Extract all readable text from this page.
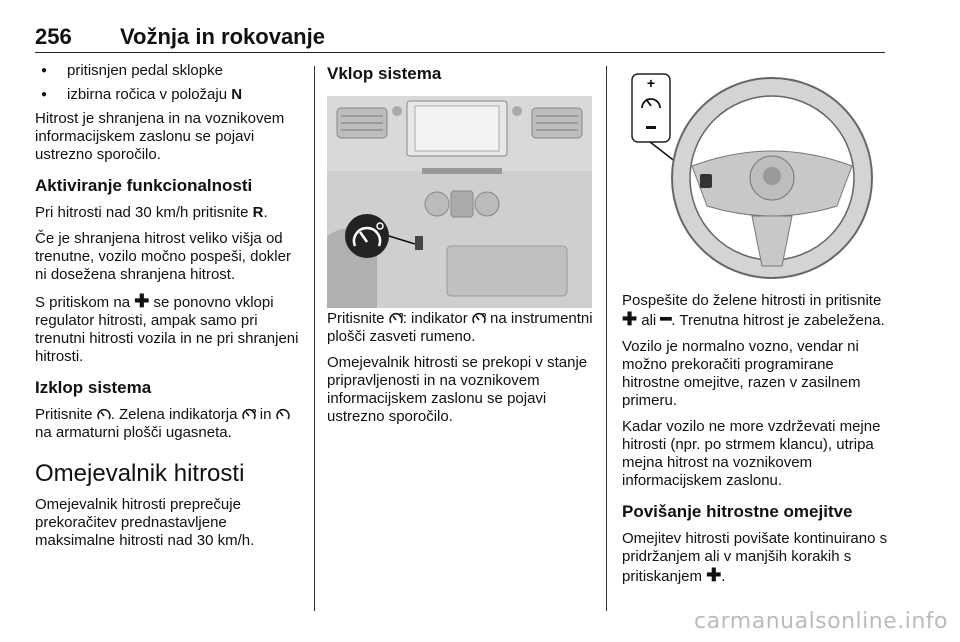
256 Vožnja in rokovanje
● pritisnjen pedal sklopke
● izbirna ročica v položaju N

Hitrost je shranjena in na voznikovem informacijskem zaslonu se pojavi ustrezno sporočilo.

Aktiviranje funkcionalnosti

Pri hitrosti nad 30 km/h pritisnite R.

Če je shranjena hitrost veliko višja od trenutne, vozilo močno pospeši, dokler ni dosežena shranjena hitrost.

S pritiskom na ✚ se ponovno vklopi regulator hitrosti, ampak samo pri trenutni hitrosti vozila in ne pri shranjeni hitrosti.

Izklop sistema

Pritisnite . Zelena indikatorja  in  na armaturni plošči ugasneta.

Omejevalnik hitrosti

Omejevalnik hitrosti preprečuje prekoračitev prednastavljene maksimalne hitrosti nad 30 km/h.

Vklop sistema

Pritisnite : indikator  na instrumentni plošči zasveti rumeno.

Omejevalnik hitrosti se prekopi v stanje pripravljenosti in na voznikovem informacijskem zaslonu se pojavi ustrezno sporočilo.

+

Pospešite do želene hitrosti in pritisnite ✚ ali ━. Trenutna hitrost je zabeležena.

Vozilo je normalno vozno, vendar ni možno prekoračiti programirane hitrostne omejitve, razen v zasilnem primeru.

Kadar vozilo ne more vzdrževati mejne hitrosti (npr. po strmem klancu), utripa mejna hitrost na voznikovem informacijskem zaslonu.

Povišanje hitrostne omejitve

Omejitev hitrosti povišate kontinuirano s pridržanjem ali v manjših korakih s pritiskanjem ✚.

carmanualsonline.info
